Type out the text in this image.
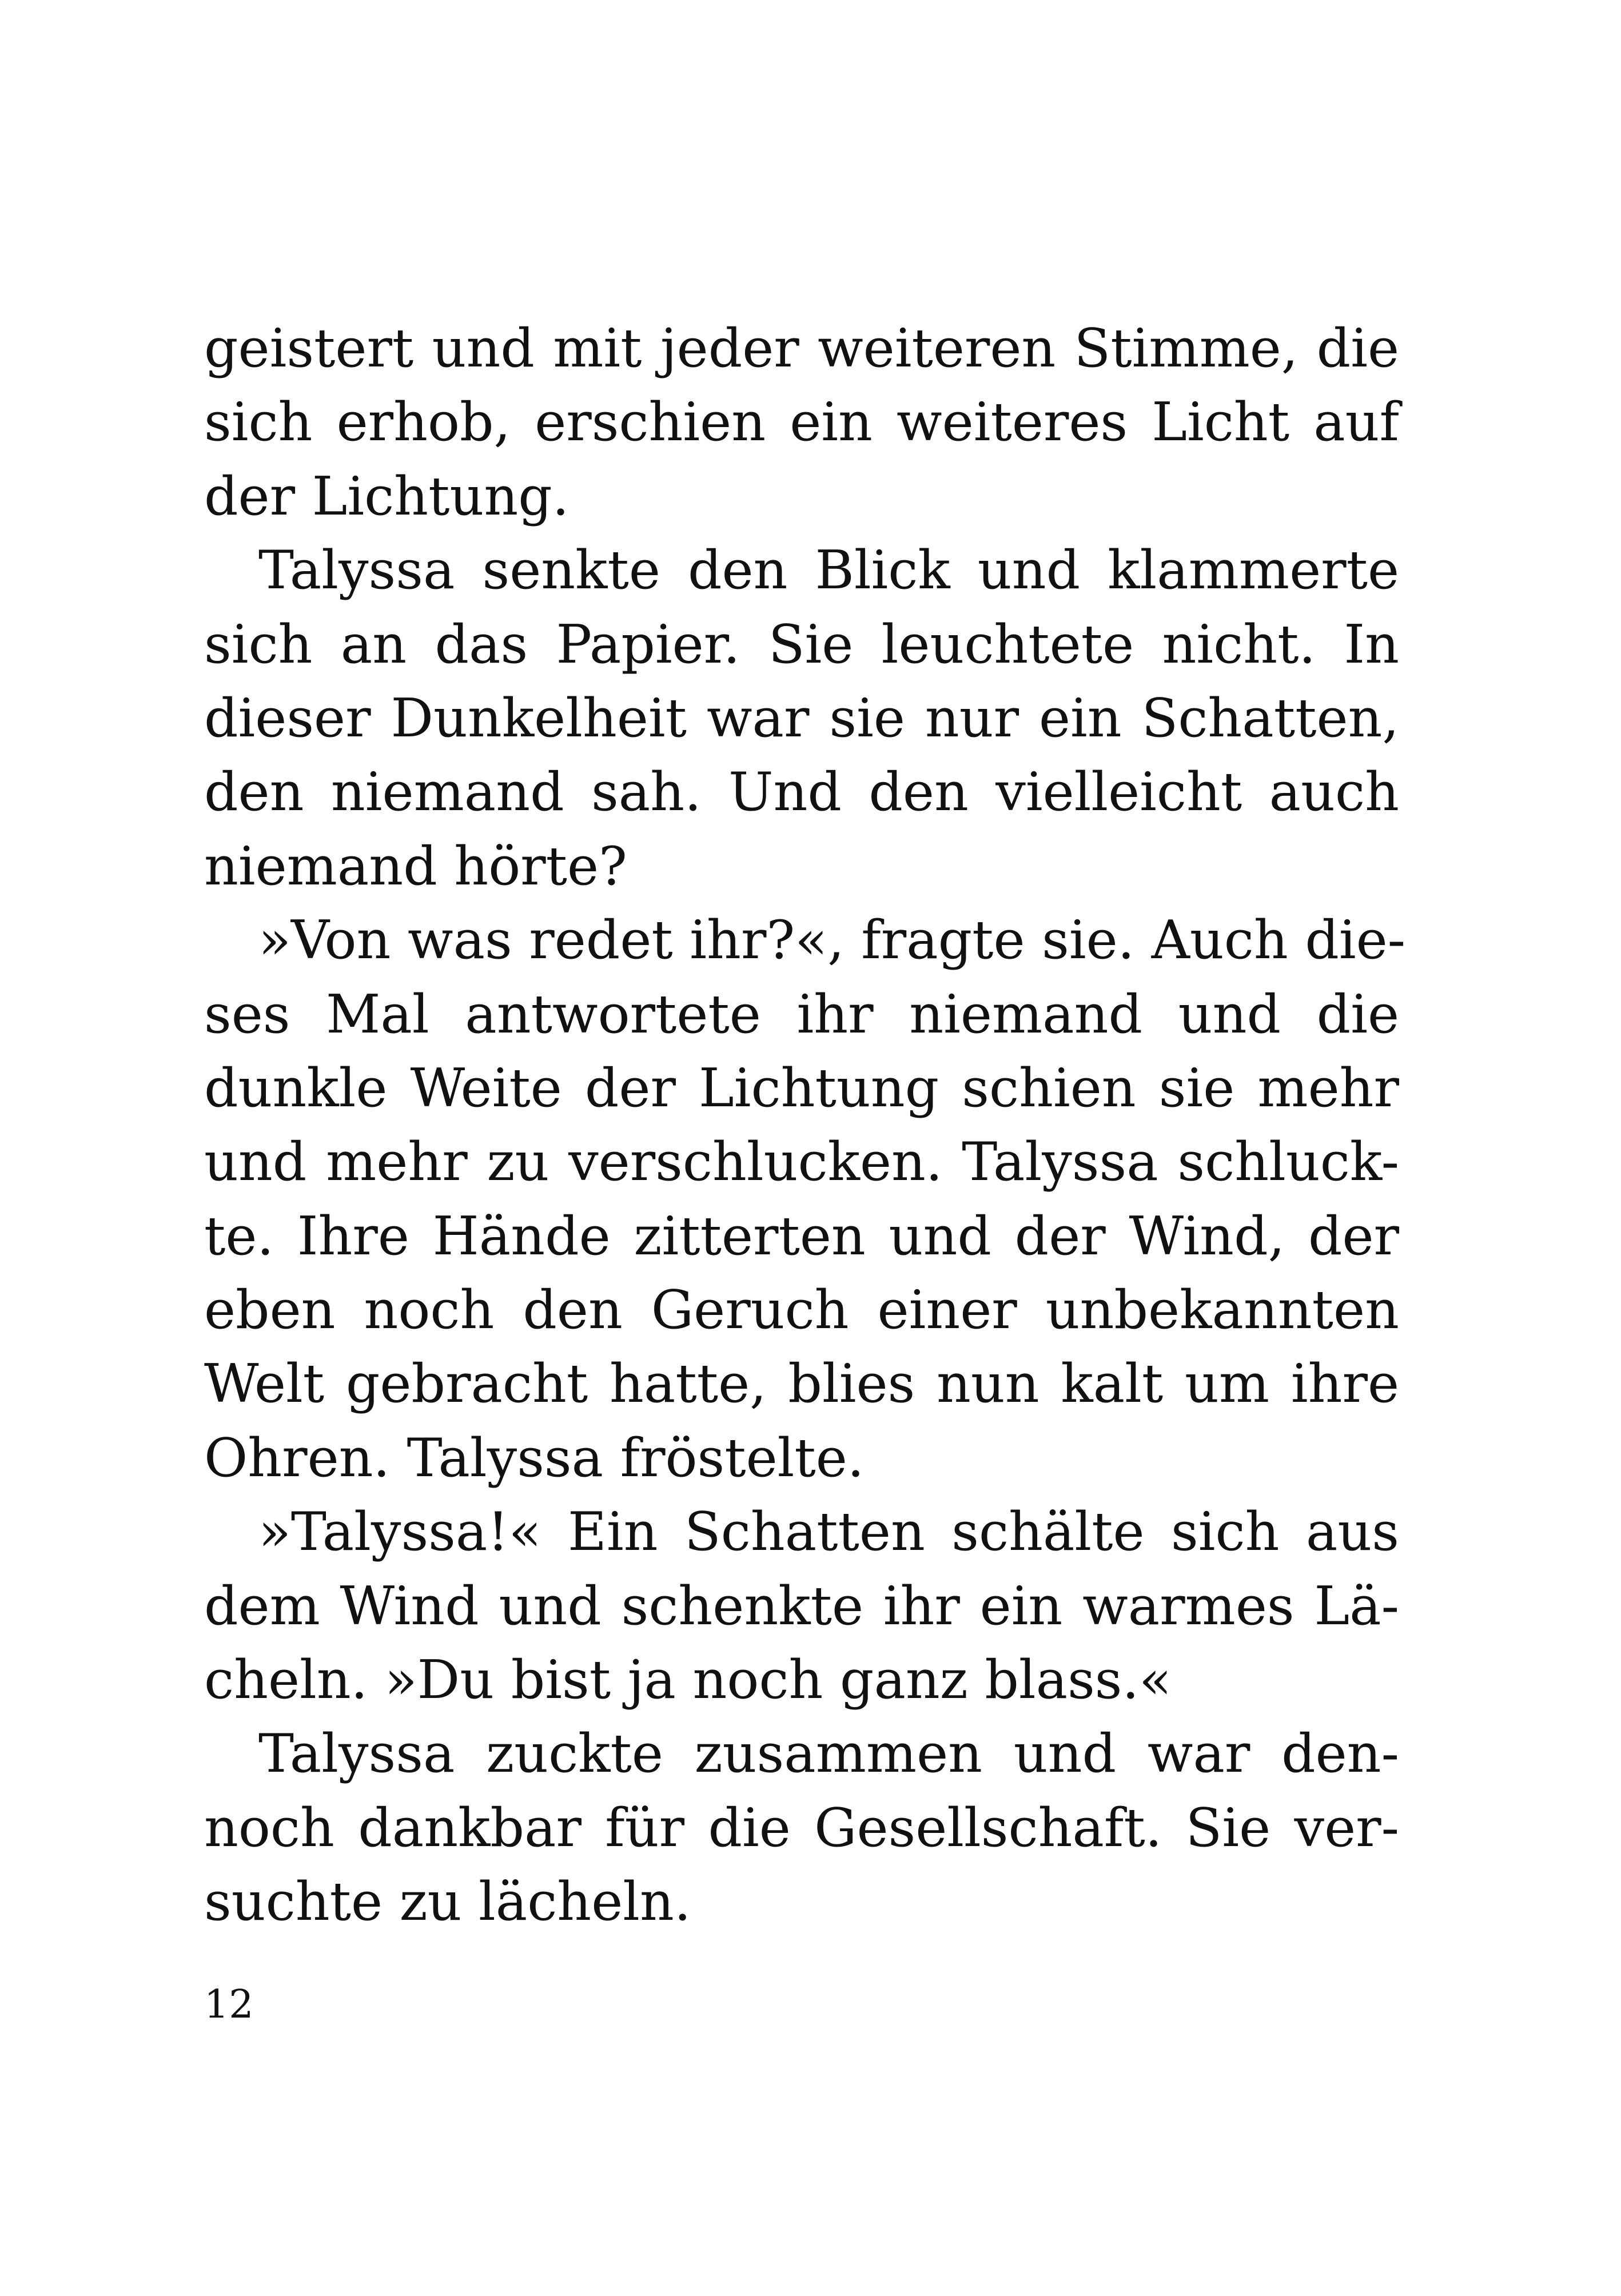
geistert und mit jeder weiteren Stimme, die
sich erhob, erschien ein weiteres Licht auf
der Lichtung.
Talyssa senkte den Blick und klammerte
sich an das Papier. Sie leuchtete nicht. In
dieser Dunkelheit war sie nur ein Schatten,
den niemand sah. Und den vielleicht auch
niemand hörte?
»Von was redet ihr?«, fragte sie. Auch die-
ses Mal antwortete ihr niemand und die
dunkle Weite der Lichtung schien sie mehr
und mehr zu verschlucken. Talyssa schluck-
te. Ihre Hände zitterten und der Wind, der
eben noch den Geruch einer unbekannten
Welt gebracht hatte, blies nun kalt um ihre
Ohren. Talyssa fröstelte.
»Talyssa!« Ein Schatten schälte sich aus
dem Wind und schenkte ihr ein warmes Lä-
cheln. »Du bist ja noch ganz blass.«
Talyssa zuckte zusammen und war den-
noch dankbar für die Gesellschaft. Sie ver-
suchte zu lächeln.
12
